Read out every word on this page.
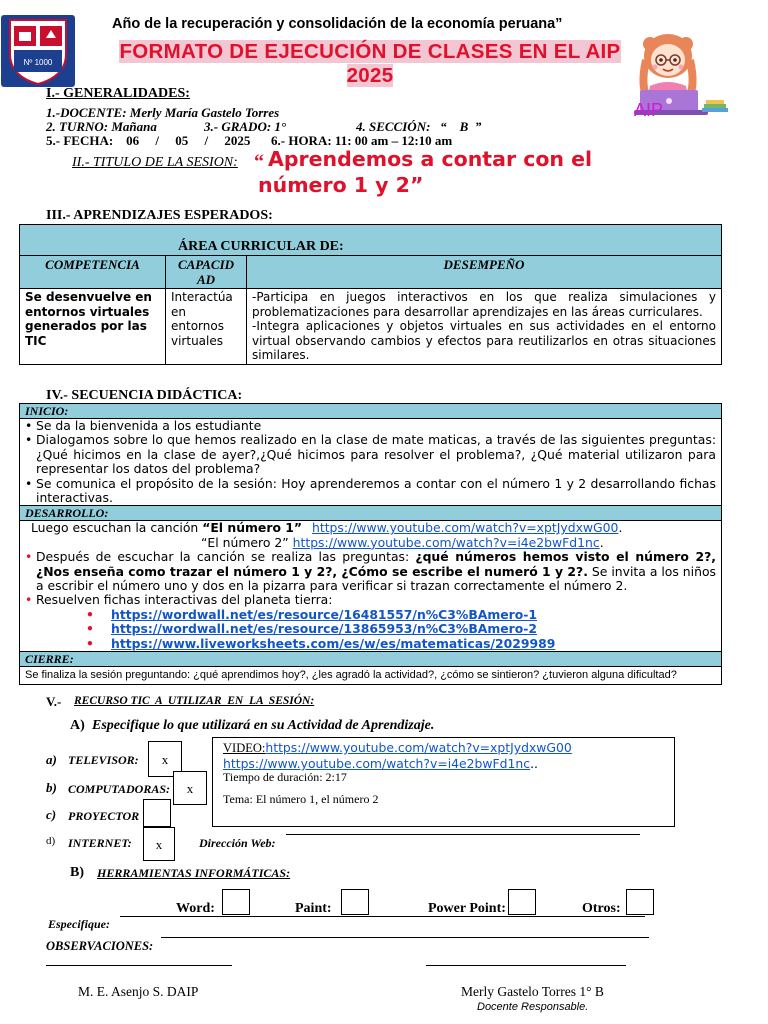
Nº 1000
Año de la recuperación y consolidación de la economía peruana”
FORMATO DE EJECUCIÓN DE CLASES EN EL AIP
2025
AIP
I.- GENERALIDADES:
1.-DOCENTE: Merly María Gastelo Torres
2. TURNO: Mañana	3.- GRADO: 1°	4. SECCIÓN:   “    B  ”
5.- FECHA:    06     /     05     /     2025 6.- HORA: 11: 00 am – 12:10 am
II.- TITULO DE LA SESION: “ Aprendemos a contar con el
número 1 y 2”
III.- APRENDIZAJES ESPERADOS:
ÁREA CURRICULAR DE:		
COMPETENCIA	CAPACID
AD	DESEMPEÑO
Se desenvuelve en entornos virtuales generados por las TIC	Interactúa en entornos virtuales	-Participa en juegos interactivos en los que realiza simulaciones y problematizaciones para desarrollar aprendizajes en las áreas curriculares.
-Integra aplicaciones y objetos virtuales en sus actividades en el entorno virtual observando cambios y efectos para reutilizarlos en otras situaciones similares.
IV.- SECUENCIA DIDÁCTICA:
INICIO:

• Se da la bienvenida a los estudiante
• Dialogamos sobre lo que hemos realizado en la clase de mate maticas, a través de las siguientes preguntas:¿Qué hicimos en la clase de ayer?,¿Qué hicimos para resolver el problema?, ¿Qué material utilizaron para representar los datos del problema?
• Se comunica el propósito de la sesión: Hoy aprenderemos a contar con el número 1 y 2 desarrollando fichas interactivas.

DESARROLLO:

Luego escuchan la canción “El número 1” https://www.youtube.com/watch?v=xptJydxwG00.
“El número 2” https://www.youtube.com/watch?v=i4e2bwFd1nc.
• Después de escuchar la canción se realiza las preguntas: ¿qué números hemos visto el número 2?, ¿Nos enseña como trazar el número 1 y 2?, ¿Cómo se escribe el numeró 1 y 2?. Se invita a los niños a escribir el número uno y dos en la pizarra para verificar si trazan correctamente el número 2.
• Resuelven fichas interactivas del planeta tierra:
• https://wordwall.net/es/resource/16481557/n%C3%BAmero-1
• https://wordwall.net/es/resource/13865953/n%C3%BAmero-2
• https://www.liveworksheets.com/es/w/es/matematicas/2029989

CIERRE:
Se finaliza la sesión preguntando: ¿qué aprendimos hoy?, ¿les agradó la actividad?, ¿cómo se sintieron? ¿tuvieron alguna dificultad?
V.- RECURSO TIC  A  UTILIZAR  EN  LA  SESIÓN:
A) Especifique lo que utilizará en su Actividad de Aprendizaje.
a) TELEVISOR:	x
b) COMPUTADORAS:	x
c) PROYECTOR
d) INTERNET:	x
VIDEO:https://www.youtube.com/watch?v=xptJydxwG00
https://www.youtube.com/watch?v=i4e2bwFd1nc..
Tiempo de duración: 2:17
Tema: El número 1, el número 2
Dirección Web:
B) HERRAMIENTAS INFORMÁTICAS:
Word:	Paint:	Power Point:	Otros:
Especifique:
OBSERVACIONES:
M. E. Asenjo S. DAIP	Merly Gastelo Torres 1° B
Docente Responsable.
